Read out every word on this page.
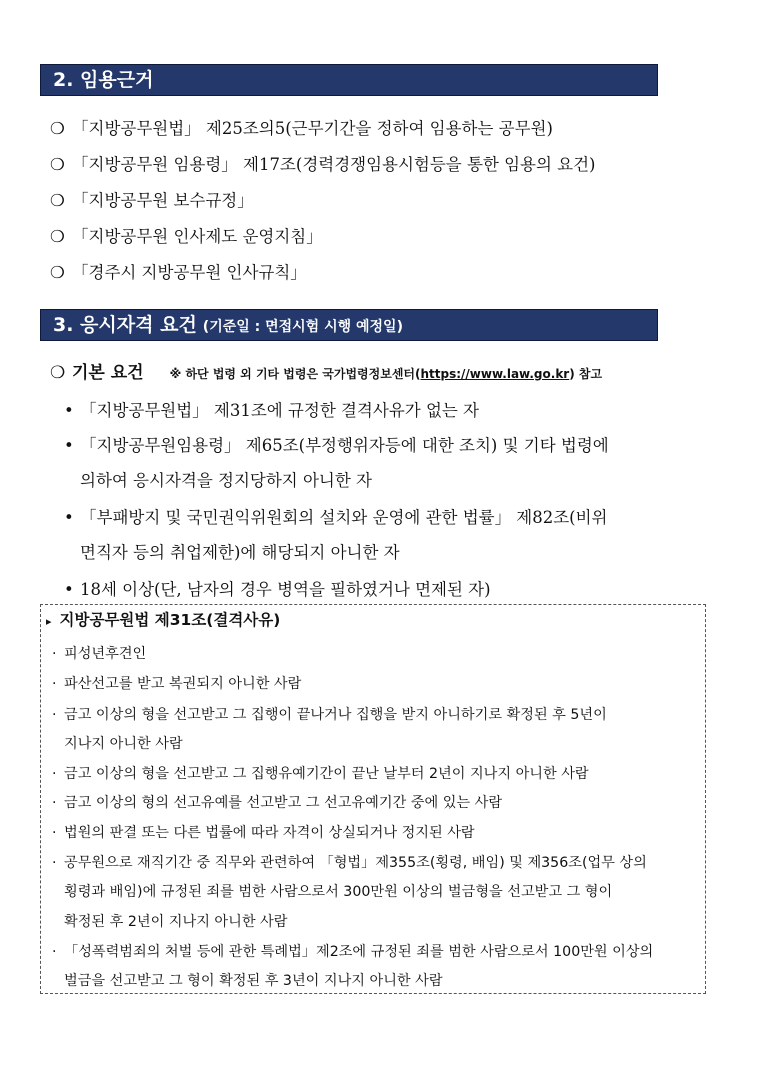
2. 임용근거
❍ 「지방공무원법」 제25조의5(근무기간을 정하여 임용하는 공무원)
❍ 「지방공무원 임용령」 제17조(경력경쟁임용시험등을 통한 임용의 요건)
❍ 「지방공무원 보수규정」
❍ 「지방공무원 인사제도 운영지침」
❍ 「경주시 지방공무원 인사규칙」
3. 응시자격 요건 (기준일 : 면접시험 시행 예정일)
❍ 기본 요건 ※ 하단 법령 외 기타 법령은 국가법령정보센터(https://www.law.go.kr) 참고
• 「지방공무원법」 제31조에 규정한 결격사유가 없는 자
• 「지방공무원임용령」 제65조(부정행위자등에 대한 조치) 및 기타 법령에
의하여 응시자격을 정지당하지 아니한 자
• 「부패방지 및 국민권익위원회의 설치와 운영에 관한 법률」 제82조(비위
면직자 등의 취업제한)에 해당되지 아니한 자
• 18세 이상(단, 남자의 경우 병역을 필하였거나 면제된 자)
▸ 지방공무원법 제31조(결격사유)
· 피성년후견인
· 파산선고를 받고 복권되지 아니한 사람
· 금고 이상의 형을 선고받고 그 집행이 끝나거나 집행을 받지 아니하기로 확정된 후 5년이
지나지 아니한 사람
· 금고 이상의 형을 선고받고 그 집행유예기간이 끝난 날부터 2년이 지나지 아니한 사람
· 금고 이상의 형의 선고유예를 선고받고 그 선고유예기간 중에 있는 사람
· 법원의 판결 또는 다른 법률에 따라 자격이 상실되거나 정지된 사람
· 공무원으로 재직기간 중 직무와 관련하여 「형법」제355조(횡령, 배임) 및 제356조(업무 상의
횡령과 배임)에 규정된 죄를 범한 사람으로서 300만원 이상의 벌금형을 선고받고 그 형이
확정된 후 2년이 지나지 아니한 사람
· 「성폭력범죄의 처벌 등에 관한 특례법」제2조에 규정된 죄를 범한 사람으로서 100만원 이상의
벌금을 선고받고 그 형이 확정된 후 3년이 지나지 아니한 사람
